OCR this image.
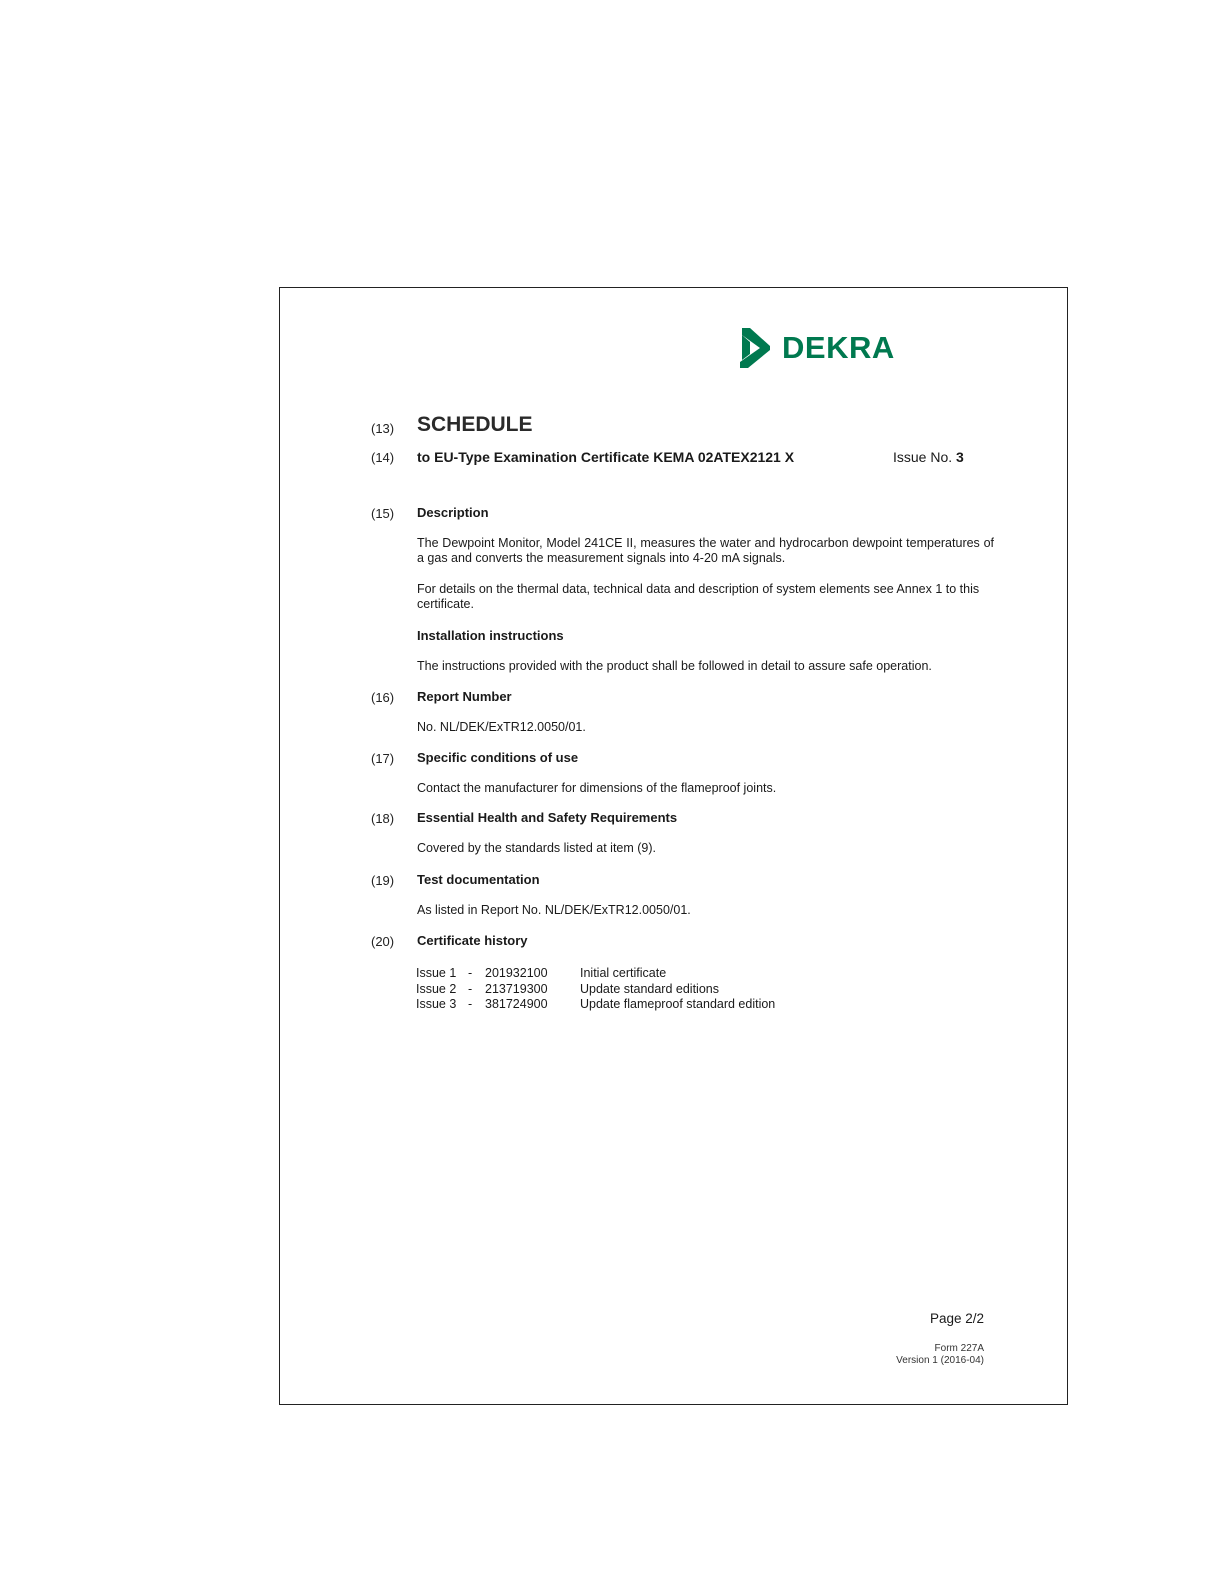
DEKRA
(13) SCHEDULE
(14) to EU-Type Examination Certificate KEMA 02ATEX2121 X	Issue No. 3
(15) Description
The Dewpoint Monitor, Model 241CE II, measures the water and hydrocarbon dewpoint temperatures of a gas and converts the measurement signals into 4-20 mA signals.
For details on the thermal data, technical data and description of system elements see Annex 1 to this certificate.
Installation instructions
The instructions provided with the product shall be followed in detail to assure safe operation.
(16) Report Number
No. NL/DEK/ExTR12.0050/01.
(17) Specific conditions of use
Contact the manufacturer for dimensions of the flameproof joints.
(18) Essential Health and Safety Requirements
Covered by the standards listed at item (9).
(19) Test documentation
As listed in Report No. NL/DEK/ExTR12.0050/01.
(20) Certificate history
Issue 1 -	201932100	Initial certificate
Issue 2 -	213719300	Update standard editions
Issue 3 -	381724900	Update flameproof standard edition
Page 2/2
Form 227A
Version 1 (2016-04)
